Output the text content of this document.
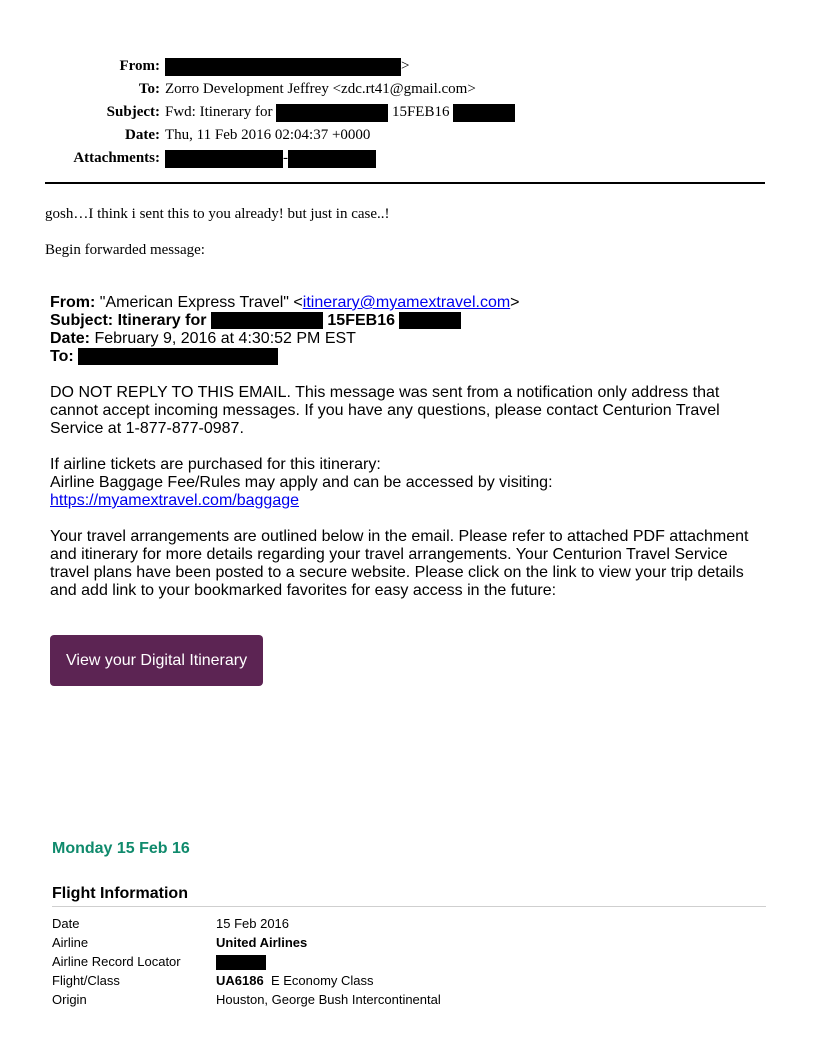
From:	>
To: Zorro Development Jeffrey <zdc.rt41@gmail.com>
Subject: Fwd: Itinerary for	15FEB16
Date: Thu, 11 Feb 2016 02:04:37 +0000
Attachments:	-
gosh…I think i sent this to you already! but just in case..!
Begin forwarded message:
From: "American Express Travel" <itinerary@myamextravel.com>
Subject: Itinerary for	15FEB16
Date: February 9, 2016 at 4:30:52 PM EST
To:
DO NOT REPLY TO THIS EMAIL. This message was sent from a notification only address that cannot accept incoming messages. If you have any questions, please contact Centurion Travel Service at 1-877-877-0987.
If airline tickets are purchased for this itinerary:
Airline Baggage Fee/Rules may apply and can be accessed by visiting:
https://myamextravel.com/baggage
Your travel arrangements are outlined below in the email. Please refer to attached PDF attachment and itinerary for more details regarding your travel arrangements. Your Centurion Travel Service travel plans have been posted to a secure website. Please click on the link to view your trip details and add link to your bookmarked favorites for easy access in the future:
View your Digital Itinerary
Monday 15 Feb 16
Flight Information
Date	15 Feb 2016
Airline	United Airlines
Airline Record Locator
Flight/Class	UA6186 E Economy Class
Origin	Houston, George Bush Intercontinental
